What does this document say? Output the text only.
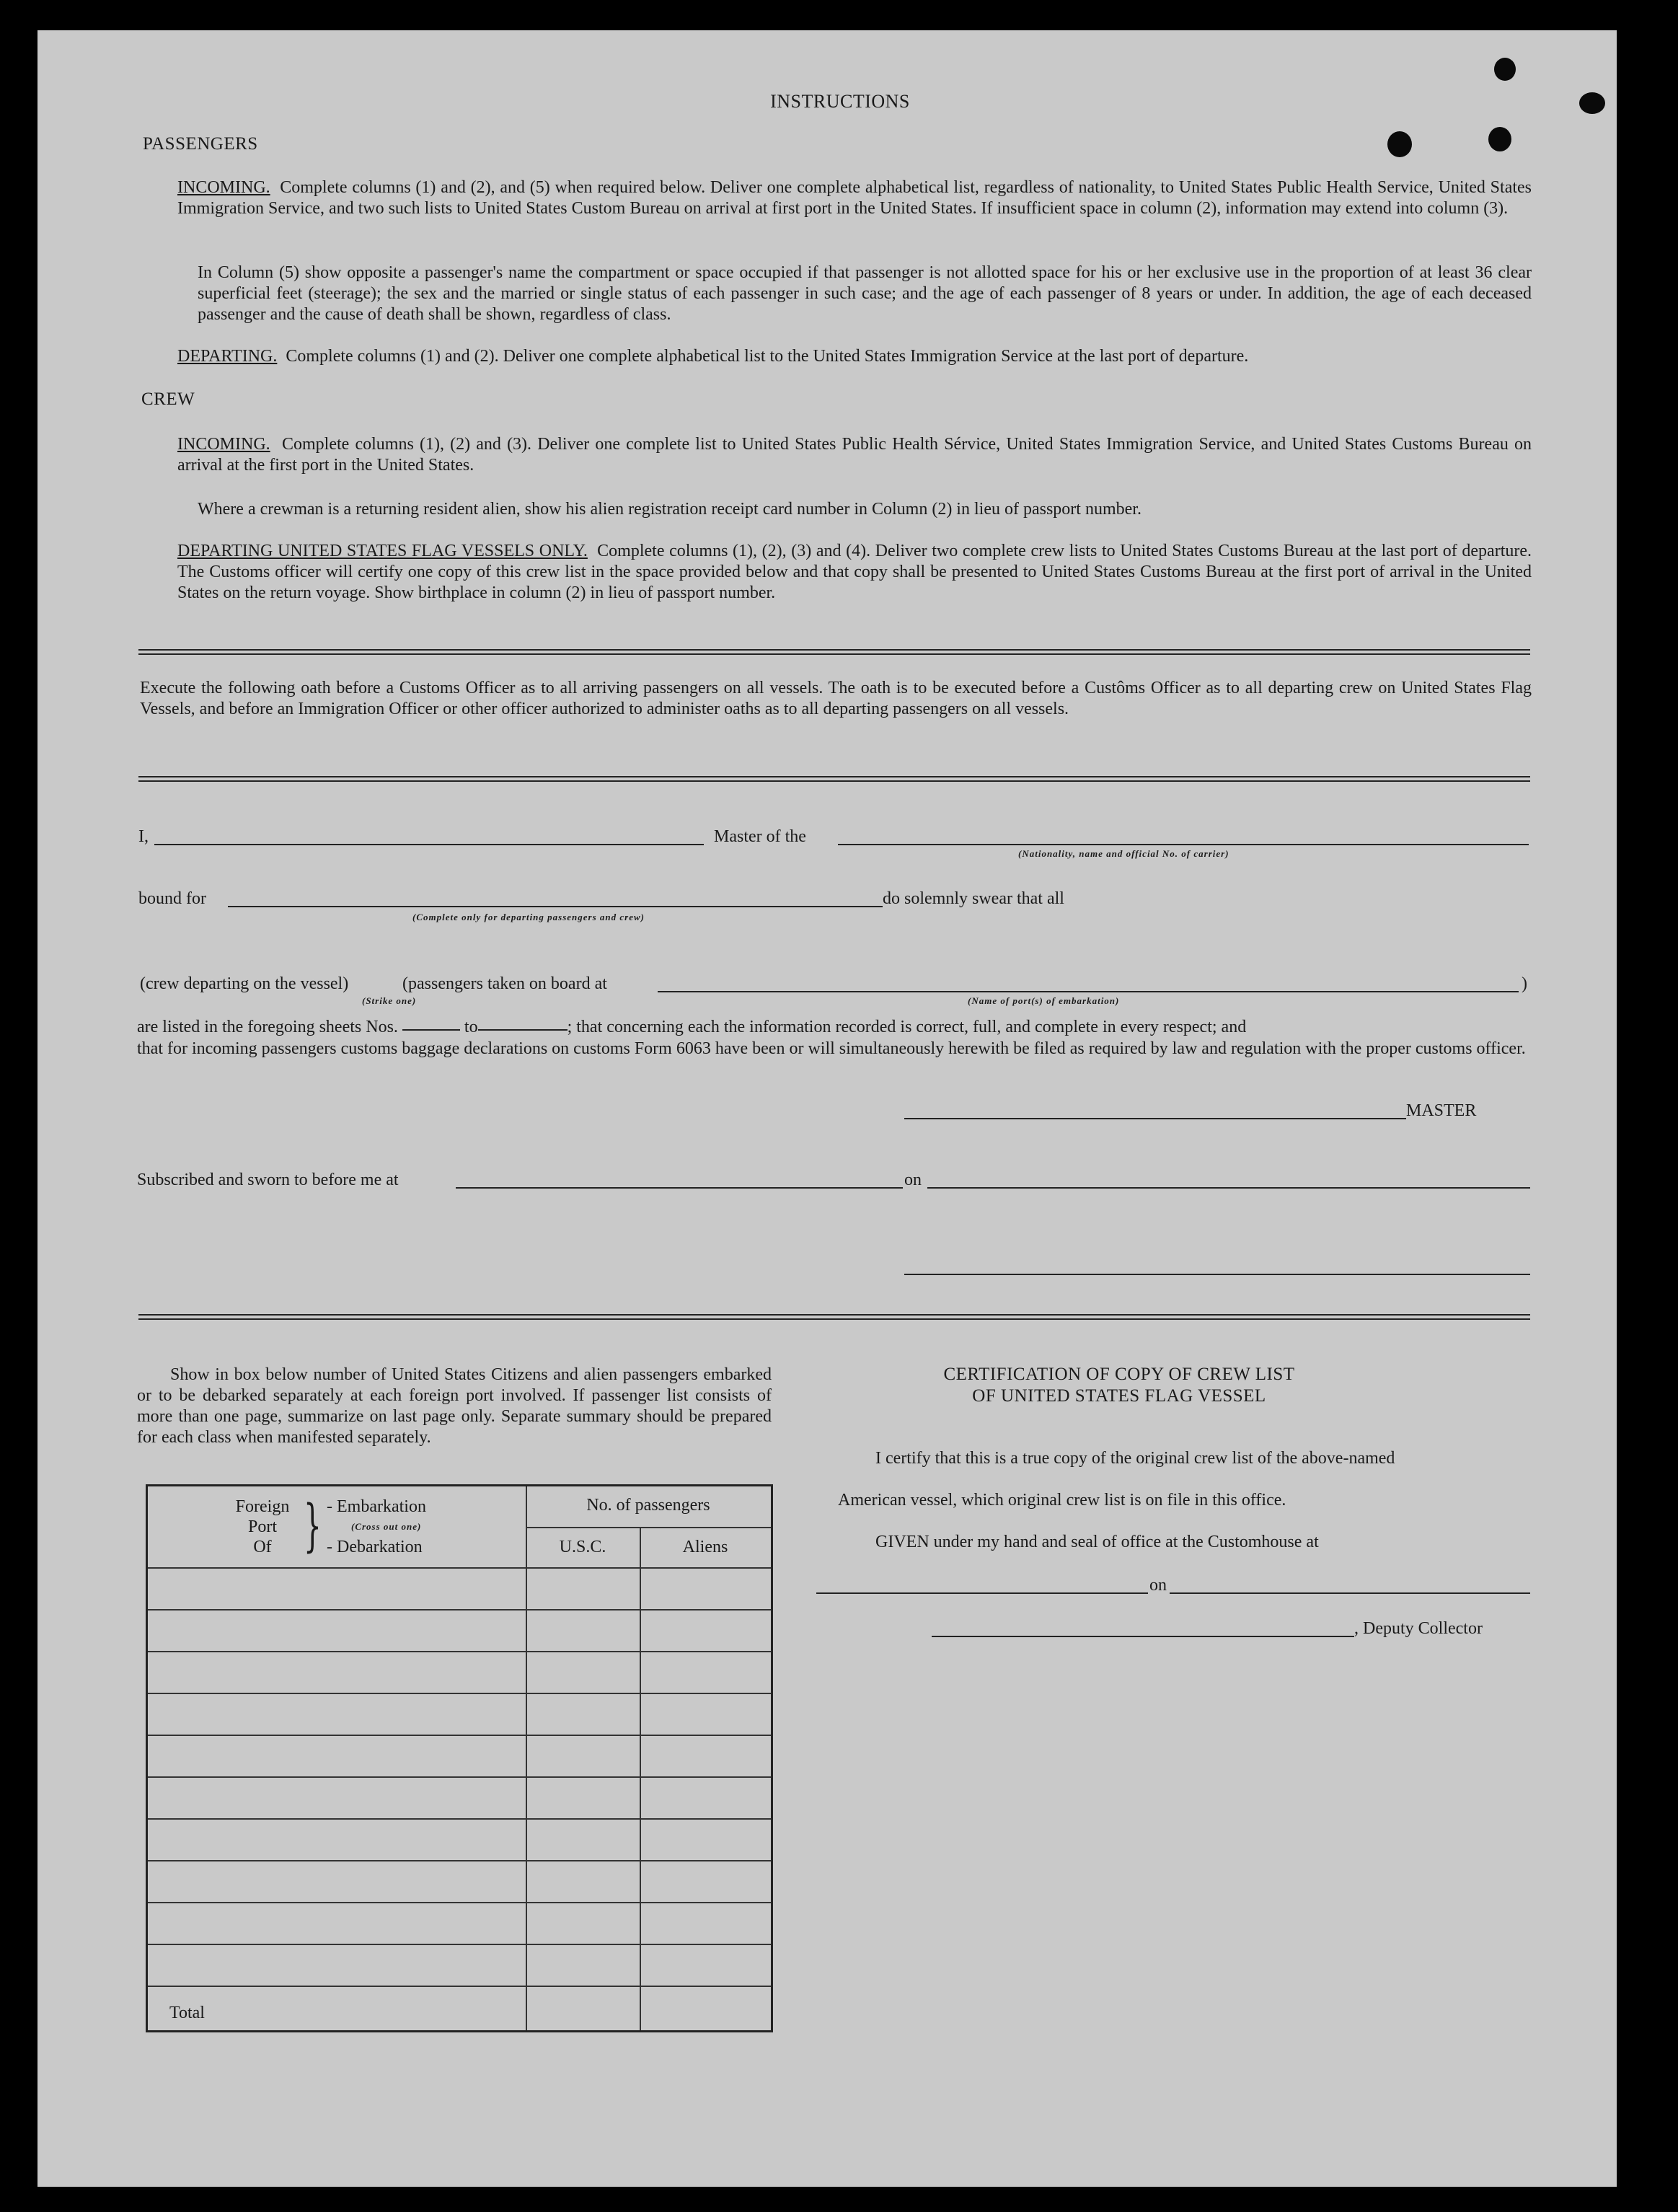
INSTRUCTIONS
PASSENGERS
INCOMING. Complete columns (1) and (2), and (5) when required below. Deliver one complete alphabetical list, regardless of nationality, to United States Public Health Service, United States Immigration Service, and two such lists to United States Custom Bureau on arrival at first port in the United States. If insufficient space in column (2), information may extend into column (3).
In Column (5) show opposite a passenger's name the compartment or space occupied if that passenger is not allotted space for his or her exclusive use in the proportion of at least 36 clear superficial feet (steerage); the sex and the married or single status of each passenger in such case; and the age of each passenger of 8 years or under. In addition, the age of each deceased passenger and the cause of death shall be shown, regardless of class.
DEPARTING. Complete columns (1) and (2). Deliver one complete alphabetical list to the United States Immigration Service at the last port of departure.
CREW
INCOMING. Complete columns (1), (2) and (3). Deliver one complete list to United States Public Health Sérvice, United States Immigration Service, and United States Customs Bureau on arrival at the first port in the United States.
Where a crewman is a returning resident alien, show his alien registration receipt card number in Column (2) in lieu of passport number.
DEPARTING UNITED STATES FLAG VESSELS ONLY. Complete columns (1), (2), (3) and (4). Deliver two complete crew lists to United States Customs Bureau at the last port of departure. The Customs officer will certify one copy of this crew list in the space provided below and that copy shall be presented to United States Customs Bureau at the first port of arrival in the United States on the return voyage. Show birthplace in column (2) in lieu of passport number.
Execute the following oath before a Customs Officer as to all arriving passengers on all vessels. The oath is to be executed before a Custôms Officer as to all departing crew on United States Flag Vessels, and before an Immigration Officer or other officer authorized to administer oaths as to all departing passengers on all vessels.
I,	Master of the
(Nationality, name and official No. of carrier)
bound for	do solemnly swear that all
(Complete only for departing passengers and crew)
(crew departing on the vessel)	(passengers taken on board at	)
(Strike one)	(Name of port(s) of embarkation)
are listed in the foregoing sheets Nos.	to	; that concerning each the information recorded is correct, full, and complete in every respect; and
that for incoming passengers customs baggage declarations on customs Form 6063 have been or will simultaneously herewith be filed as required by law and regulation with the proper customs officer.
MASTER
Subscribed and sworn to before me at	on
Show in box below number of United States Citizens and alien passengers embarked or to be debarked separately at each foreign port involved. If passenger list consists of more than one page, summarize on last page only. Separate summary should be prepared for each class when manifested separately.
Foreign
Port
Of } - Embarkation
(Cross out one)
- Debarkation
No. of passengers
U.S.C.	Aliens
Total
CERTIFICATION OF COPY OF CREW LIST
OF UNITED STATES FLAG VESSEL
I certify that this is a true copy of the original crew list of the above-named
American vessel, which original crew list is on file in this office.
GIVEN under my hand and seal of office at the Customhouse at
on
, Deputy Collector
